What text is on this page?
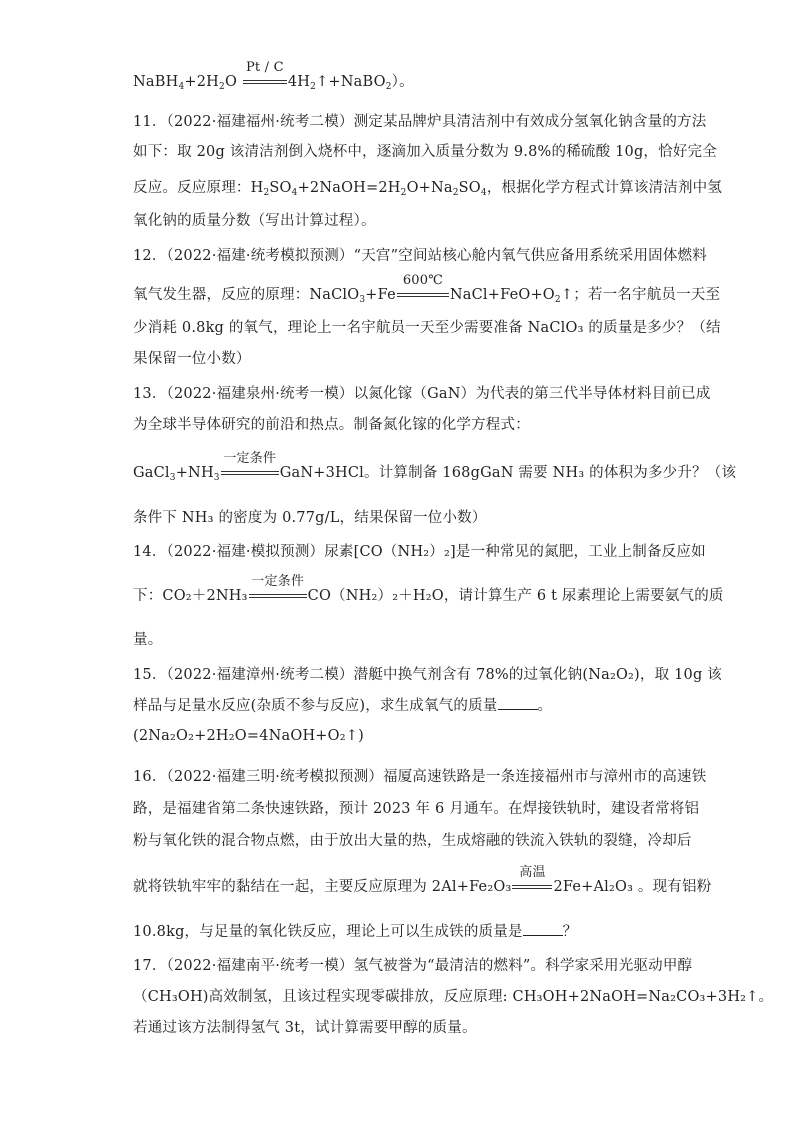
$NaBH_4+2H_2O$
Pt / C
$4H_2↑+NaBO_2$）。
11．（2022·福建福州·统考二模）测定某品牌炉具清洁剂中有效成分氢氧化钠含量的方法
如下：取 20g 该清洁剂倒入烧杯中，逐滴加入质量分数为 9.8%的稀硫酸 10g，恰好完全
反应。反应原理：$H_2SO_4+2NaOH=2H_2O+Na_2SO_4$，根据化学方程式计算该清洁剂中氢
氧化钠的质量分数（写出计算过程）。
12．（2022·福建·统考模拟预测）“天宫”空间站核心舱内氧气供应备用系统采用固体燃料
氧气发生器，反应的原理：NaClO$_3$+Fe
600℃
$NaCl+FeO+O_2↑$；若一名宇航员一天至
少消耗 0.8kg 的氧气，理论上一名宇航员一天至少需要准备 NaClO₃ 的质量是多少？（结
果保留一位小数）
13．（2022·福建泉州·统考一模）以氮化镓（GaN）为代表的第三代半导体材料目前已成
为全球半导体研究的前沿和热点。制备氮化镓的化学方程式：
$GaCl_3+NH_3$
一定条件
GaN+3HCl。计算制备 168gGaN 需要 NH₃ 的体积为多少升？（该
条件下 NH₃ 的密度为 0.77g/L，结果保留一位小数）
14．（2022·福建·模拟预测）尿素[CO（NH₂）₂]是一种常见的氮肥，工业上制备反应如
下：CO₂＋2NH₃
一定条件
CO（NH₂）₂＋H₂O，请计算生产 6 t 尿素理论上需要氨气的质
量。
15．（2022·福建漳州·统考二模）潜艇中换气剂含有 78%的过氧化钠(Na₂O₂)，取 10g 该
样品与足量水反应(杂质不参与反应)，求生成氧气的质量	。
(2Na₂O₂+2H₂O=4NaOH+O₂↑)
16．（2022·福建三明·统考模拟预测）福厦高速铁路是一条连接福州市与漳州市的高速铁
路，是福建省第二条快速铁路，预计 2023 年 6 月通车。在焊接铁轨时，建设者常将铝
粉与氧化铁的混合物点燃，由于放出大量的热，生成熔融的铁流入铁轨的裂缝，冷却后
就将铁轨牢牢的黏结在一起，主要反应原理为 2Al+Fe₂O₃
高温
2Fe+Al₂O₃ 。现有铝粉
10.8kg，与足量的氧化铁反应，理论上可以生成铁的质量是	？
17．（2022·福建南平·统考一模）氢气被誉为“最清洁的燃料”。科学家采用光驱动甲醇
（CH₃OH)高效制氢，且该过程实现零碳排放，反应原理: CH₃OH+2NaOH=Na₂CO₃+3H₂↑。
若通过该方法制得氢气 3t，试计算需要甲醇的质量。
